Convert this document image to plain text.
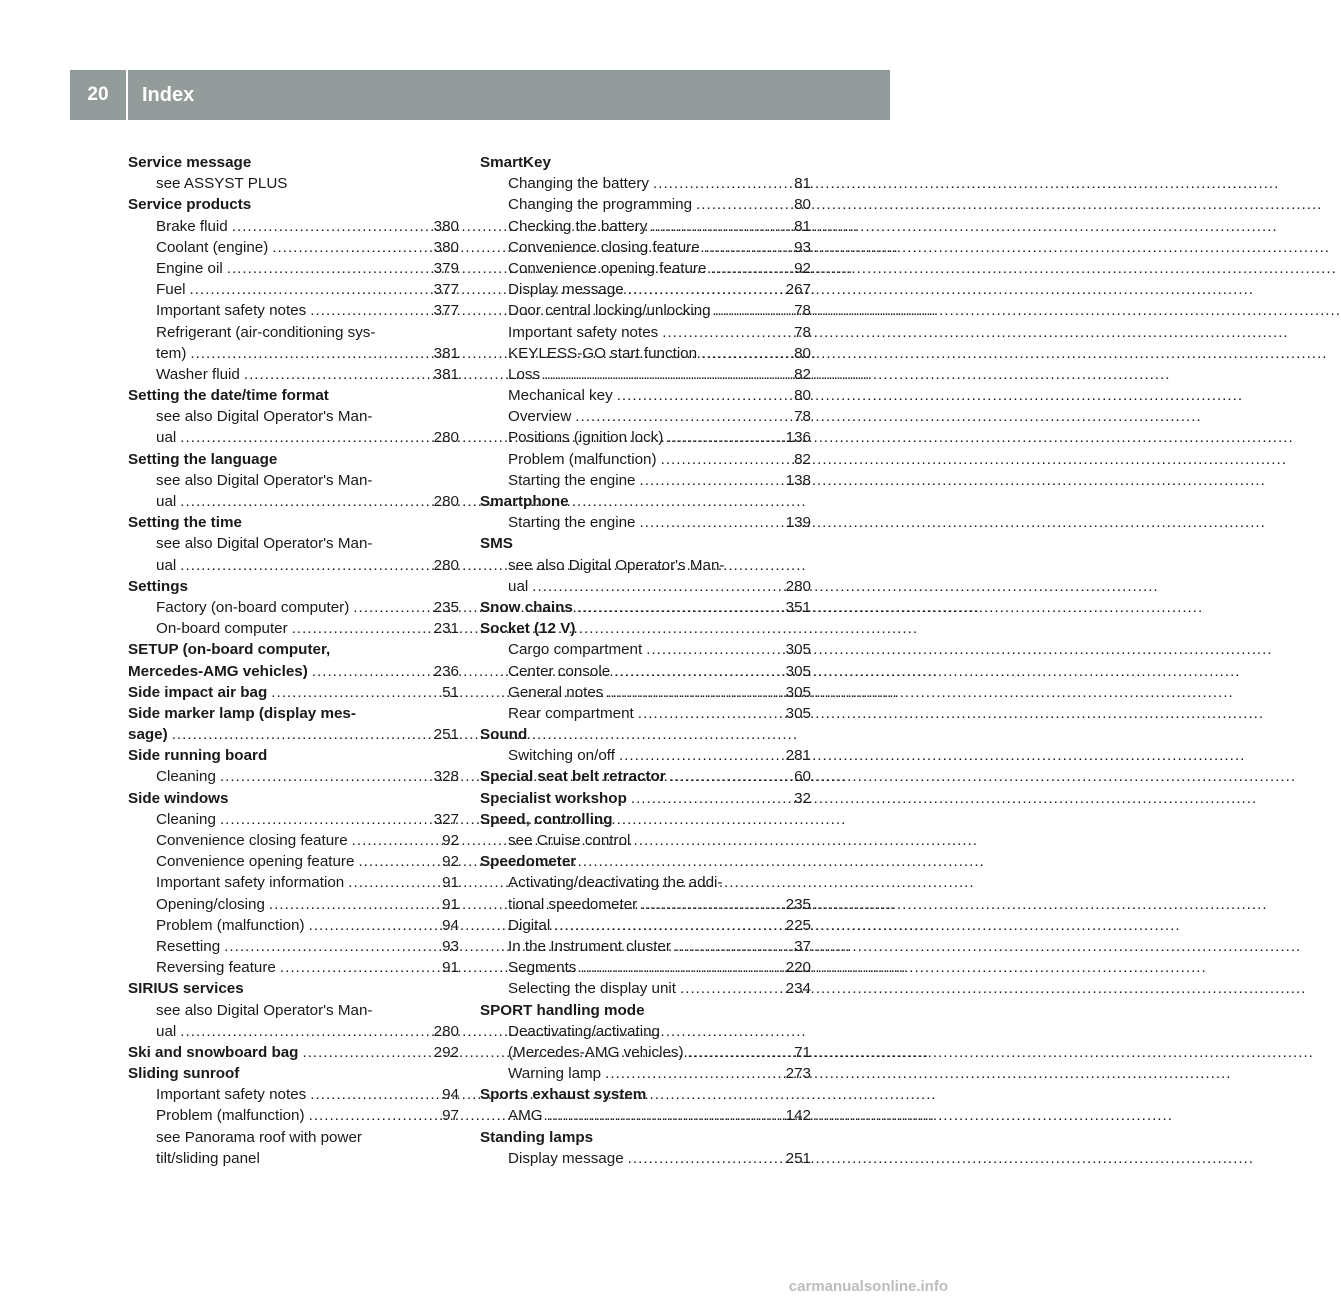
20	Index
Service message
see ASSYST PLUS
Service products
Brake fluid .....	380
Coolant (engine) .....	380
Engine oil .....	379
Fuel .....	377
Important safety notes .....	377
Refrigerant (air-conditioning sys-
tem) .....	381
Washer fluid .....	381
Setting the date/time format
see also Digital Operator's Man-
ual .....	280
Setting the language
see also Digital Operator's Man-
ual .....	280
Setting the time
see also Digital Operator's Man-
ual .....	280
Settings
Factory (on-board computer) .....	235
On-board computer .....	231
SETUP (on-board computer,
Mercedes-AMG vehicles) .....	236
Side impact air bag .....	51
Side marker lamp (display mes-
sage) .....	251
Side running board
Cleaning .....	328
Side windows
Cleaning .....	327
Convenience closing feature .....	92
Convenience opening feature .....	92
Important safety information .....	91
Opening/closing .....	91
Problem (malfunction) .....	94
Resetting .....	93
Reversing feature .....	91
SIRIUS services
see also Digital Operator's Man-
ual .....	280
Ski and snowboard bag .....	292
Sliding sunroof
Important safety notes .....	94
Problem (malfunction) .....	97
see Panorama roof with power
tilt/sliding panel
SmartKey
Changing the battery .....	81
Changing the programming .....	80
Checking the battery .....	81
Convenience closing feature .....	93
Convenience opening feature .....	92
Display message .....	267
Door central locking/unlocking .....	78
Important safety notes .....	78
KEYLESS-GO start function .....	80
Loss .....	82
Mechanical key .....	80
Overview .....	78
Positions (ignition lock) .....	136
Problem (malfunction) .....	82
Starting the engine .....	138
Smartphone
Starting the engine .....	139
SMS
see also Digital Operator's Man-
ual .....	280
Snow chains .....	351
Socket (12 V)
Cargo compartment .....	305
Center console .....	305
General notes .....	305
Rear compartment .....	305
Sound
Switching on/off .....	281
Special seat belt retractor .....	60
Specialist workshop .....	32
Speed, controlling
see Cruise control
Speedometer
Activating/deactivating the addi-
tional speedometer .....	235
Digital .....	225
In the Instrument cluster .....	37
Segments .....	220
Selecting the display unit .....	234
SPORT handling mode
Deactivating/activating
(Mercedes-AMG vehicles) .....	71
Warning lamp .....	273
Sports exhaust system
AMG .....	142
Standing lamps
Display message .....	251
carmanualsonline.info
